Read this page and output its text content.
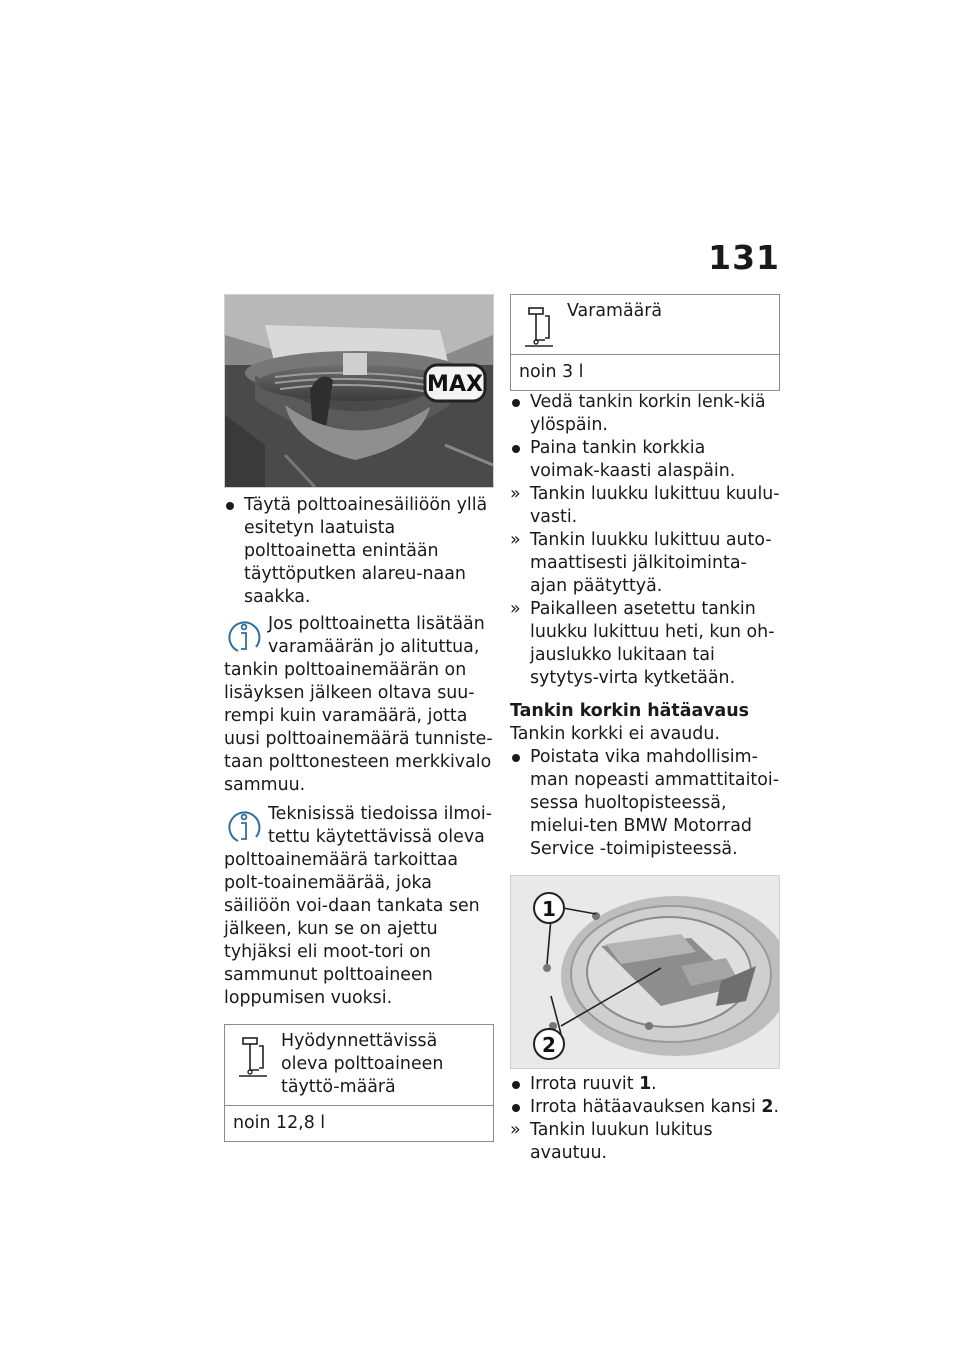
131
MAX
Täytä polttoainesäiliöön yllä esitetyn laatuista polttoainetta enintään täyttöputken alareu-naan saakka.

Jos polttoainetta lisätään varamäärän jo alituttua, tankin polttoainemäärän on lisäyksen jälkeen oltava suu-rempi kuin varamäärä, jotta uusi polttoainemäärä tunniste-taan polttonesteen merkkivalo sammuu.

Teknisissä tiedoissa ilmoi-tettu käytettävissä oleva polttoainemäärä tarkoittaa polt-toainemäärää, joka säiliöön voi-daan tankata sen jälkeen, kun se on ajettu tyhjäksi eli moot-tori on sammunut polttoaineen loppumisen vuoksi.

Hyödynnettävissä oleva polttoaineen täyttö-määrä
noin 12,8 l
Varamäärä
noin 3 l
Vedä tankin korkin lenk-kiä ylöspäin.
Paina tankin korkkia voimak-kaasti alaspäin.
» Tankin luukku lukittuu kuulu-vasti.
» Tankin luukku lukittuu auto-maattisesti jälkitoiminta-ajan päätyttyä.
» Paikalleen asetettu tankin luukku lukittuu heti, kun oh-jauslukko lukitaan tai sytytys-virta kytketään.
Tankin korkin hätäavaus
Tankin korkki ei avaudu.
Poistata vika mahdollisim-man nopeasti ammattitaitoi-sessa huoltopisteessä, mielui-ten BMW Motorrad Service -toimipisteessä.
1
2
Irrota ruuvit 1.
Irrota hätäavauksen kansi 2.
» Tankin luukun lukitus avautuu.
